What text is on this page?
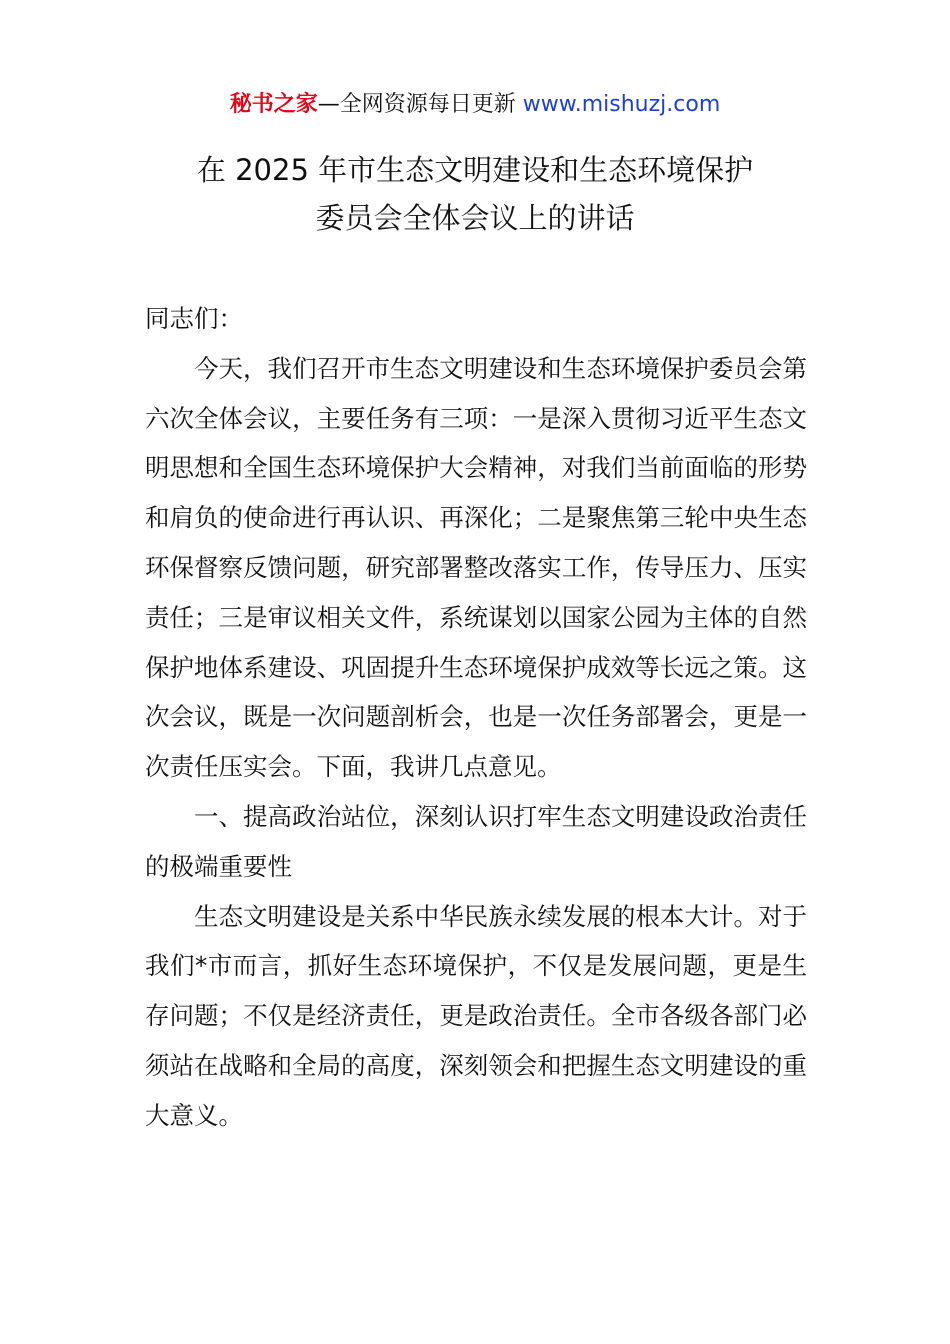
秘书之家—全网资源每日更新 www.mishuzj.com
在 2025 年市生态文明建设和生态环境保护
委员会全体会议上的讲话

同志们：

今天，我们召开市生态文明建设和生态环境保护委员会第六次全体会议，主要任务有三项：一是深入贯彻习近平生态文明思想和全国生态环境保护大会精神，对我们当前面临的形势和肩负的使命进行再认识、再深化；二是聚焦第三轮中央生态环保督察反馈问题，研究部署整改落实工作，传导压力、压实责任；三是审议相关文件，系统谋划以国家公园为主体的自然保护地体系建设、巩固提升生态环境保护成效等长远之策。这次会议，既是一次问题剖析会，也是一次任务部署会，更是一次责任压实会。下面，我讲几点意见。

一、提高政治站位，深刻认识打牢生态文明建设政治责任的极端重要性

生态文明建设是关系中华民族永续发展的根本大计。对于我们*市而言，抓好生态环境保护，不仅是发展问题，更是生存问题；不仅是经济责任，更是政治责任。全市各级各部门必须站在战略和全局的高度，深刻领会和把握生态文明建设的重大意义。
